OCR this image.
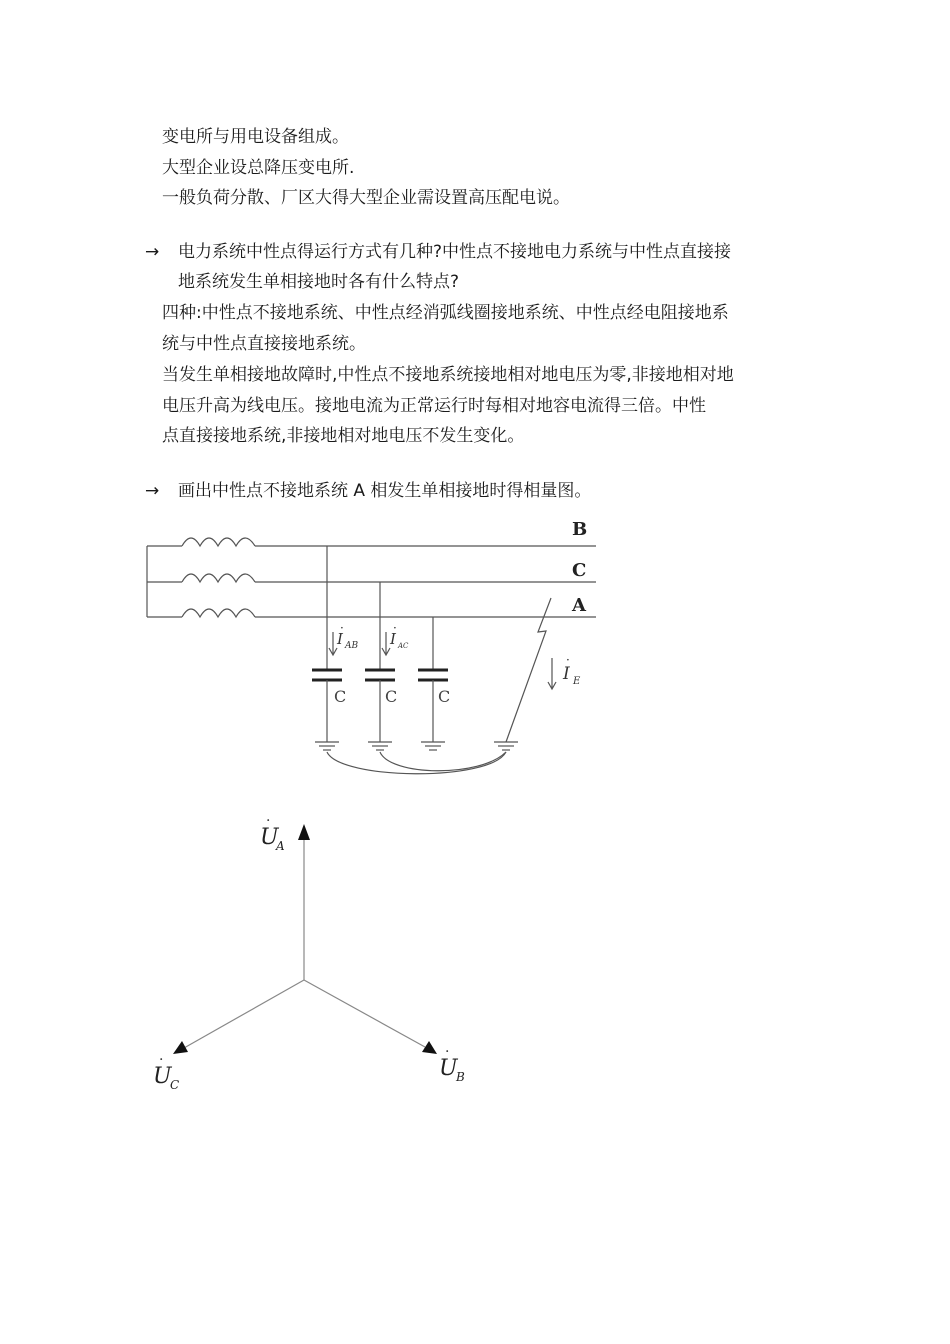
变电所与用电设备组成。
大型企业设总降压变电所.
一般负荷分散、厂区大得大型企业需设置高压配电说。
→ 电力系统中性点得运行方式有几种?中性点不接地电力系统与中性点直接接
地系统发生单相接地时各有什么特点?
四种:中性点不接地系统、中性点经消弧线圈接地系统、中性点经电阻接地系
统与中性点直接接地系统。
当发生单相接地故障时,中性点不接地系统接地相对地电压为零,非接地相对地
电压升高为线电压。接地电流为正常运行时每相对地容电流得三倍。中性
点直接接地系统,非接地相对地电压不发生变化。
→ 画出中性点不接地系统 A 相发生单相接地时得相量图。
B
C
A
C C	C
·
I AB
·
I AC
·
I E
·
U
A
·
U
C
·
U
B
